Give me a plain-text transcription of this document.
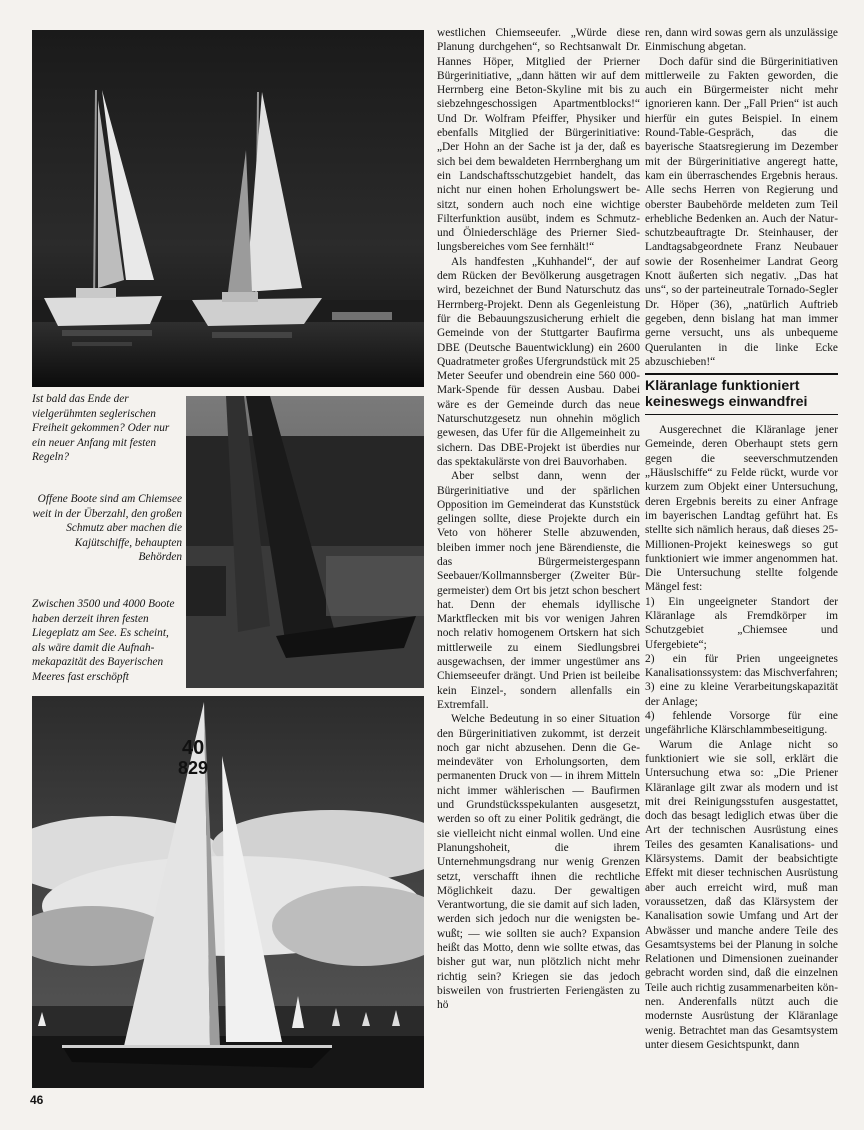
Ist bald das Ende der vielgerühmten seglerischen Freiheit gekommen? Oder nur ein neuer Anfang mit festen Regeln?
Offene Boote sind am Chiemsee weit in der Überzahl, den großen Schmutz aber machen die Kajütschiffe, behaupten Behörden
Zwischen 3500 und 4000 Boote haben derzeit ihren festen Liegeplatz am See. Es scheint, als wäre damit die Aufnahmekapazität des Bayerischen Meeres fast erschöpft
40
829

westlichen Chiemseeufer. „Würde diese Planung durchgehen“, so Rechtsanwalt Dr. Hannes Höper, Mitglied der Prierner Bürgerinitiative, „dann hätten wir auf dem Herrnberg eine Beton-Skyline mit bis zu siebzehngeschossigen Apartmentblocks!“ Und Dr. Wolfram Pfeiffer, Physiker und ebenfalls Mitglied der Bürgerinitiative: „Der Hohn an der Sache ist ja der, daß es sich bei dem bewaldeten Herrnberghang um ein Landschaftsschutzgebiet handelt, das nicht nur einen hohen Erholungswert besitzt, sondern auch noch eine wichtige Filterfunktion ausübt, indem es Schmutz- und Ölniederschläge des Prierner Siedlungsbereiches vom See fernhält!“

Als handfesten „Kuhhandel“, der auf dem Rücken der Bevölkerung ausgetragen wird, bezeichnet der Bund Naturschutz das Herrnberg-Projekt. Denn als Gegenleistung für die Bebauungszusicherung erhielt die Gemeinde von der Stuttgarter Baufirma DBE (Deutsche Bauentwicklung) ein 2600 Quadratmeter großes Ufergrundstück mit 25 Meter Seeufer und obendrein eine 560 000-Mark-Spende für dessen Ausbau. Dabei wäre es der Gemeinde durch das neue Naturschutzgesetz nun ohnehin möglich gewesen, das Ufer für die Allgemeinheit zu sichern. Das DBE-Projekt ist überdies nur das spektakulärste von drei Bauvorhaben.

Aber selbst dann, wenn der Bürgerinitiative und der spärlichen Opposition im Gemeinderat das Kunststück gelingen sollte, diese Projekte durch ein Veto von höherer Stelle abzuwenden, bleiben immer noch jene Bärendienste, die das Bürgermeistergespann Seebauer/Kollmannsberger (Zweiter Bürgermeister) dem Ort bis jetzt schon beschert hat. Denn der ehemals idyllische Marktflecken mit bis vor wenigen Jahren noch relativ homogenem Ortskern hat sich mittlerweile zu einem Siedlungsbrei ausgewachsen, der immer ungestümer ans Chiemseeufer drängt. Und Prien ist beileibe kein Einzel-, sondern allenfalls ein Extremfall.

Welche Bedeutung in so einer Situation den Bürgerinitiativen zukommt, ist derzeit noch gar nicht abzusehen. Denn die Gemeindeväter von Erholungsorten, dem permanenten Druck von — in ihrem Mitteln nicht immer wählerischen — Baufirmen und Grundstücksspekulanten ausgesetzt, werden so oft zu einer Politik gedrängt, die sie vielleicht nicht einmal wollen. Und eine Planungshoheit, die ihrem Unternehmungsdrang nur wenig Grenzen setzt, verschafft ihnen die rechtliche Möglichkeit dazu. Der gewaltigen Verantwortung, die sie damit auf sich laden, werden sich jedoch nur die wenigsten bewußt; — wie sollten sie auch? Expansion heißt das Motto, denn wie sollte etwas, das bisher gut war, nun plötzlich nicht mehr richtig sein? Kriegen sie das jedoch bisweilen von frustrierten Feriengästen zu hö

ren, dann wird sowas gern als unzulässige Einmischung abgetan.

Doch dafür sind die Bürgerinitiativen mittlerweile zu Fakten geworden, die auch ein Bürgermeister nicht mehr ignorieren kann. Der „Fall Prien“ ist auch hierfür ein gutes Beispiel. In einem Round-Table-Gespräch, das die bayerische Staatsregierung im Dezember mit der Bürgerinitiative angeregt hatte, kam ein überraschendes Ergebnis heraus. Alle sechs Herren von Regierung und oberster Baubehörde meldeten zum Teil erhebliche Bedenken an. Auch der Naturschutzbeauftragte Dr. Steinhauser, der Landtagsabgeordnete Franz Neubauer sowie der Rosenheimer Landrat Georg Knott äußerten sich negativ. „Das hat uns“, so der parteineutrale Tornado-Segler Dr. Höper (36), „natürlich Auftrieb gegeben, denn bislang hat man immer gerne versucht, uns als unbequeme Querulanten in die linke Ecke abzuschieben!“

Kläranlage funktioniert keineswegs einwandfrei

Ausgerechnet die Kläranlage jener Gemeinde, deren Oberhaupt stets gern gegen die seeverschmutzenden „Häuslschiffe“ zu Felde rückt, wurde vor kurzem zum Objekt einer Untersuchung, deren Ergebnis bereits zu einer Anfrage im bayerischen Landtag geführt hat. Es stellte sich nämlich heraus, daß dieses 25-Millionen-Projekt keineswegs so gut funktioniert wie immer angenommen hat. Die Untersuchung stellte folgende Mängel fest:

1) Ein ungeeigneter Standort der Kläranlage als Fremdkörper im Schutzgebiet „Chiemsee und Ufergebiete“;

2) ein für Prien ungeeignetes Kanalisationssystem: das Mischverfahren;

3) eine zu kleine Verarbeitungskapazität der Anlage;

4) fehlende Vorsorge für eine ungefährliche Klärschlammbeseitigung.

Warum die Anlage nicht so funktioniert wie sie soll, erklärt die Untersuchung etwa so: „Die Priener Kläranlage gilt zwar als modern und ist mit drei Reinigungsstufen ausgestattet, doch das besagt lediglich etwas über die Art der technischen Ausrüstung eines Teiles des gesamten Kanalisations- und Klärsystems. Damit der beabsichtigte Effekt mit dieser technischen Ausrüstung aber auch erreicht wird, muß man voraussetzen, daß das Klärsystem der Kanalisation sowie Umfang und Art der Abwässer und manche andere Teile des Gesamtsystems bei der Planung in solche Relationen und Dimensionen zueinander gebracht worden sind, daß die einzelnen Teile auch richtig zusammenarbeiten können. Anderenfalls nützt auch die modernste Ausrüstung der Kläranlage wenig. Betrachtet man das Gesamtsystem unter diesem Gesichtspunkt, dann

46
